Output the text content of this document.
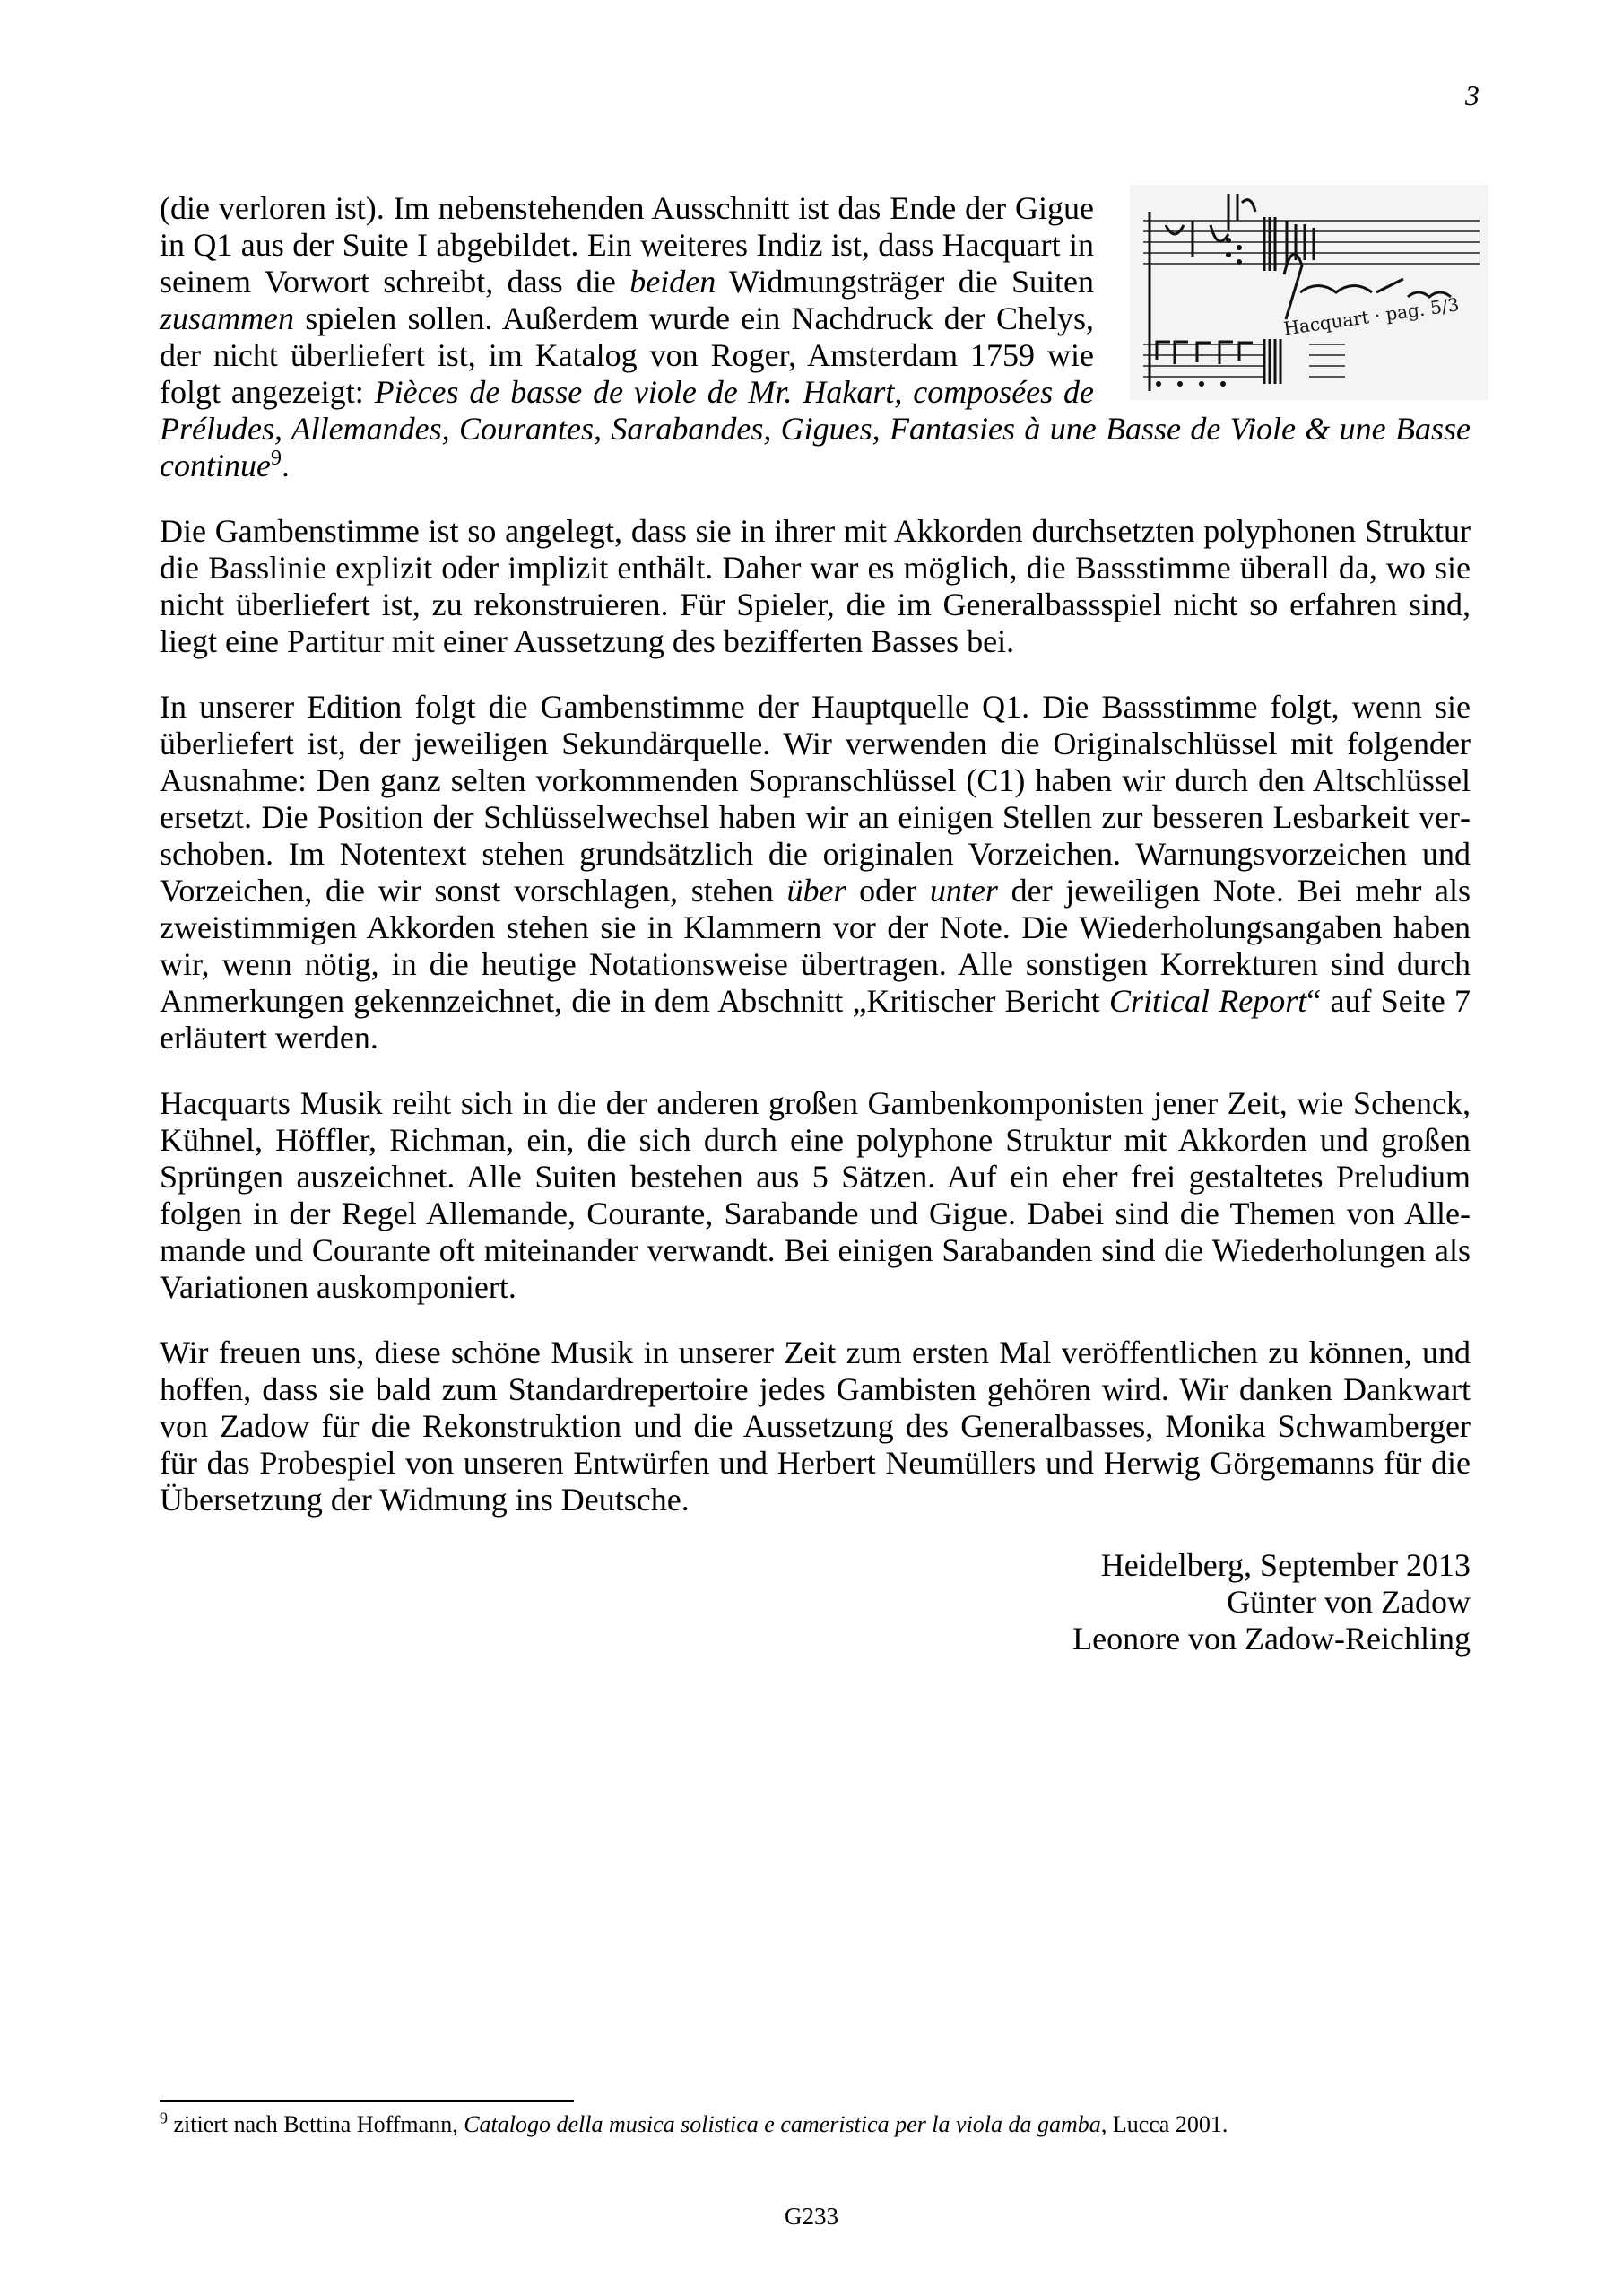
3
Hacquart · pag. 5/3

(die verloren ist). Im nebenstehenden Ausschnitt ist das Ende der Gigue in Q1 aus der Suite I abgebildet. Ein weiteres Indiz ist, dass Hacquart in seinem Vorwort schreibt, dass die beiden Widmungsträger die Suiten zusammen spielen sollen. Außerdem wurde ein Nachdruck der Chelys, der nicht überliefert ist, im Katalog von Roger, Amsterdam 1759 wie folgt angezeigt: Pièces de basse de viole de Mr. Hakart, composées de Préludes, Allemandes, Courantes, Sarabandes, Gigues, Fantasies à une Basse de Viole & une Basse continue$^9$.

Die Gambenstimme ist so angelegt, dass sie in ihrer mit Akkorden durchsetzten polyphonen Struktur die Basslinie explizit oder implizit enthält. Daher war es möglich, die Bassstimme überall da, wo sie nicht überliefert ist, zu rekonstruieren. Für Spieler, die im Generalbassspiel nicht so erfahren sind, liegt eine Partitur mit einer Aussetzung des bezifferten Basses bei.

In unserer Edition folgt die Gambenstimme der Hauptquelle Q1. Die Bassstimme folgt, wenn sie überliefert ist, der jeweiligen Sekundärquelle. Wir verwenden die Originalschlüssel mit folgender Ausnahme: Den ganz selten vorkommenden Sopranschlüssel (C1) haben wir durch den Altschlüssel ersetzt. Die Position der Schlüsselwechsel haben wir an einigen Stellen zur besseren Lesbarkeit verschoben. Im Notentext stehen grundsätzlich die originalen Vorzeichen. Warnungsvorzeichen und Vorzeichen, die wir sonst vorschlagen, stehen über oder unter der jeweiligen Note. Bei mehr als zweistimmigen Akkorden stehen sie in Klammern vor der Note. Die Wiederholungsangaben haben wir, wenn nötig, in die heutige Notationsweise übertragen. Alle sonstigen Korrekturen sind durch Anmerkungen gekennzeichnet, die in dem Abschnitt „Kritischer Bericht Critical Report“ auf Seite 7 erläutert werden.

Hacquarts Musik reiht sich in die der anderen großen Gambenkomponisten jener Zeit, wie Schenck, Kühnel, Höffler, Richman, ein, die sich durch eine polyphone Struktur mit Akkorden und großen Sprüngen auszeichnet. Alle Suiten bestehen aus 5 Sätzen. Auf ein eher frei gestaltetes Preludium folgen in der Regel Allemande, Courante, Sarabande und Gigue. Dabei sind die Themen von Allemande und Courante oft miteinander verwandt. Bei einigen Sarabanden sind die Wiederholungen als Variationen auskomponiert.

Wir freuen uns, diese schöne Musik in unserer Zeit zum ersten Mal veröffentlichen zu können, und hoffen, dass sie bald zum Standardrepertoire jedes Gambisten gehören wird. Wir danken Dankwart von Zadow für die Rekonstruktion und die Aussetzung des Generalbasses, Monika Schwamberger für das Probespiel von unseren Entwürfen und Herbert Neumüllers und Herwig Görgemanns für die Übersetzung der Widmung ins Deutsche.

Heidelberg, September 2013
Günter von Zadow
Leonore von Zadow-Reichling
$^9$ zitiert nach Bettina Hoffmann, Catalogo della musica solistica e cameristica per la viola da gamba, Lucca 2001.
G233
